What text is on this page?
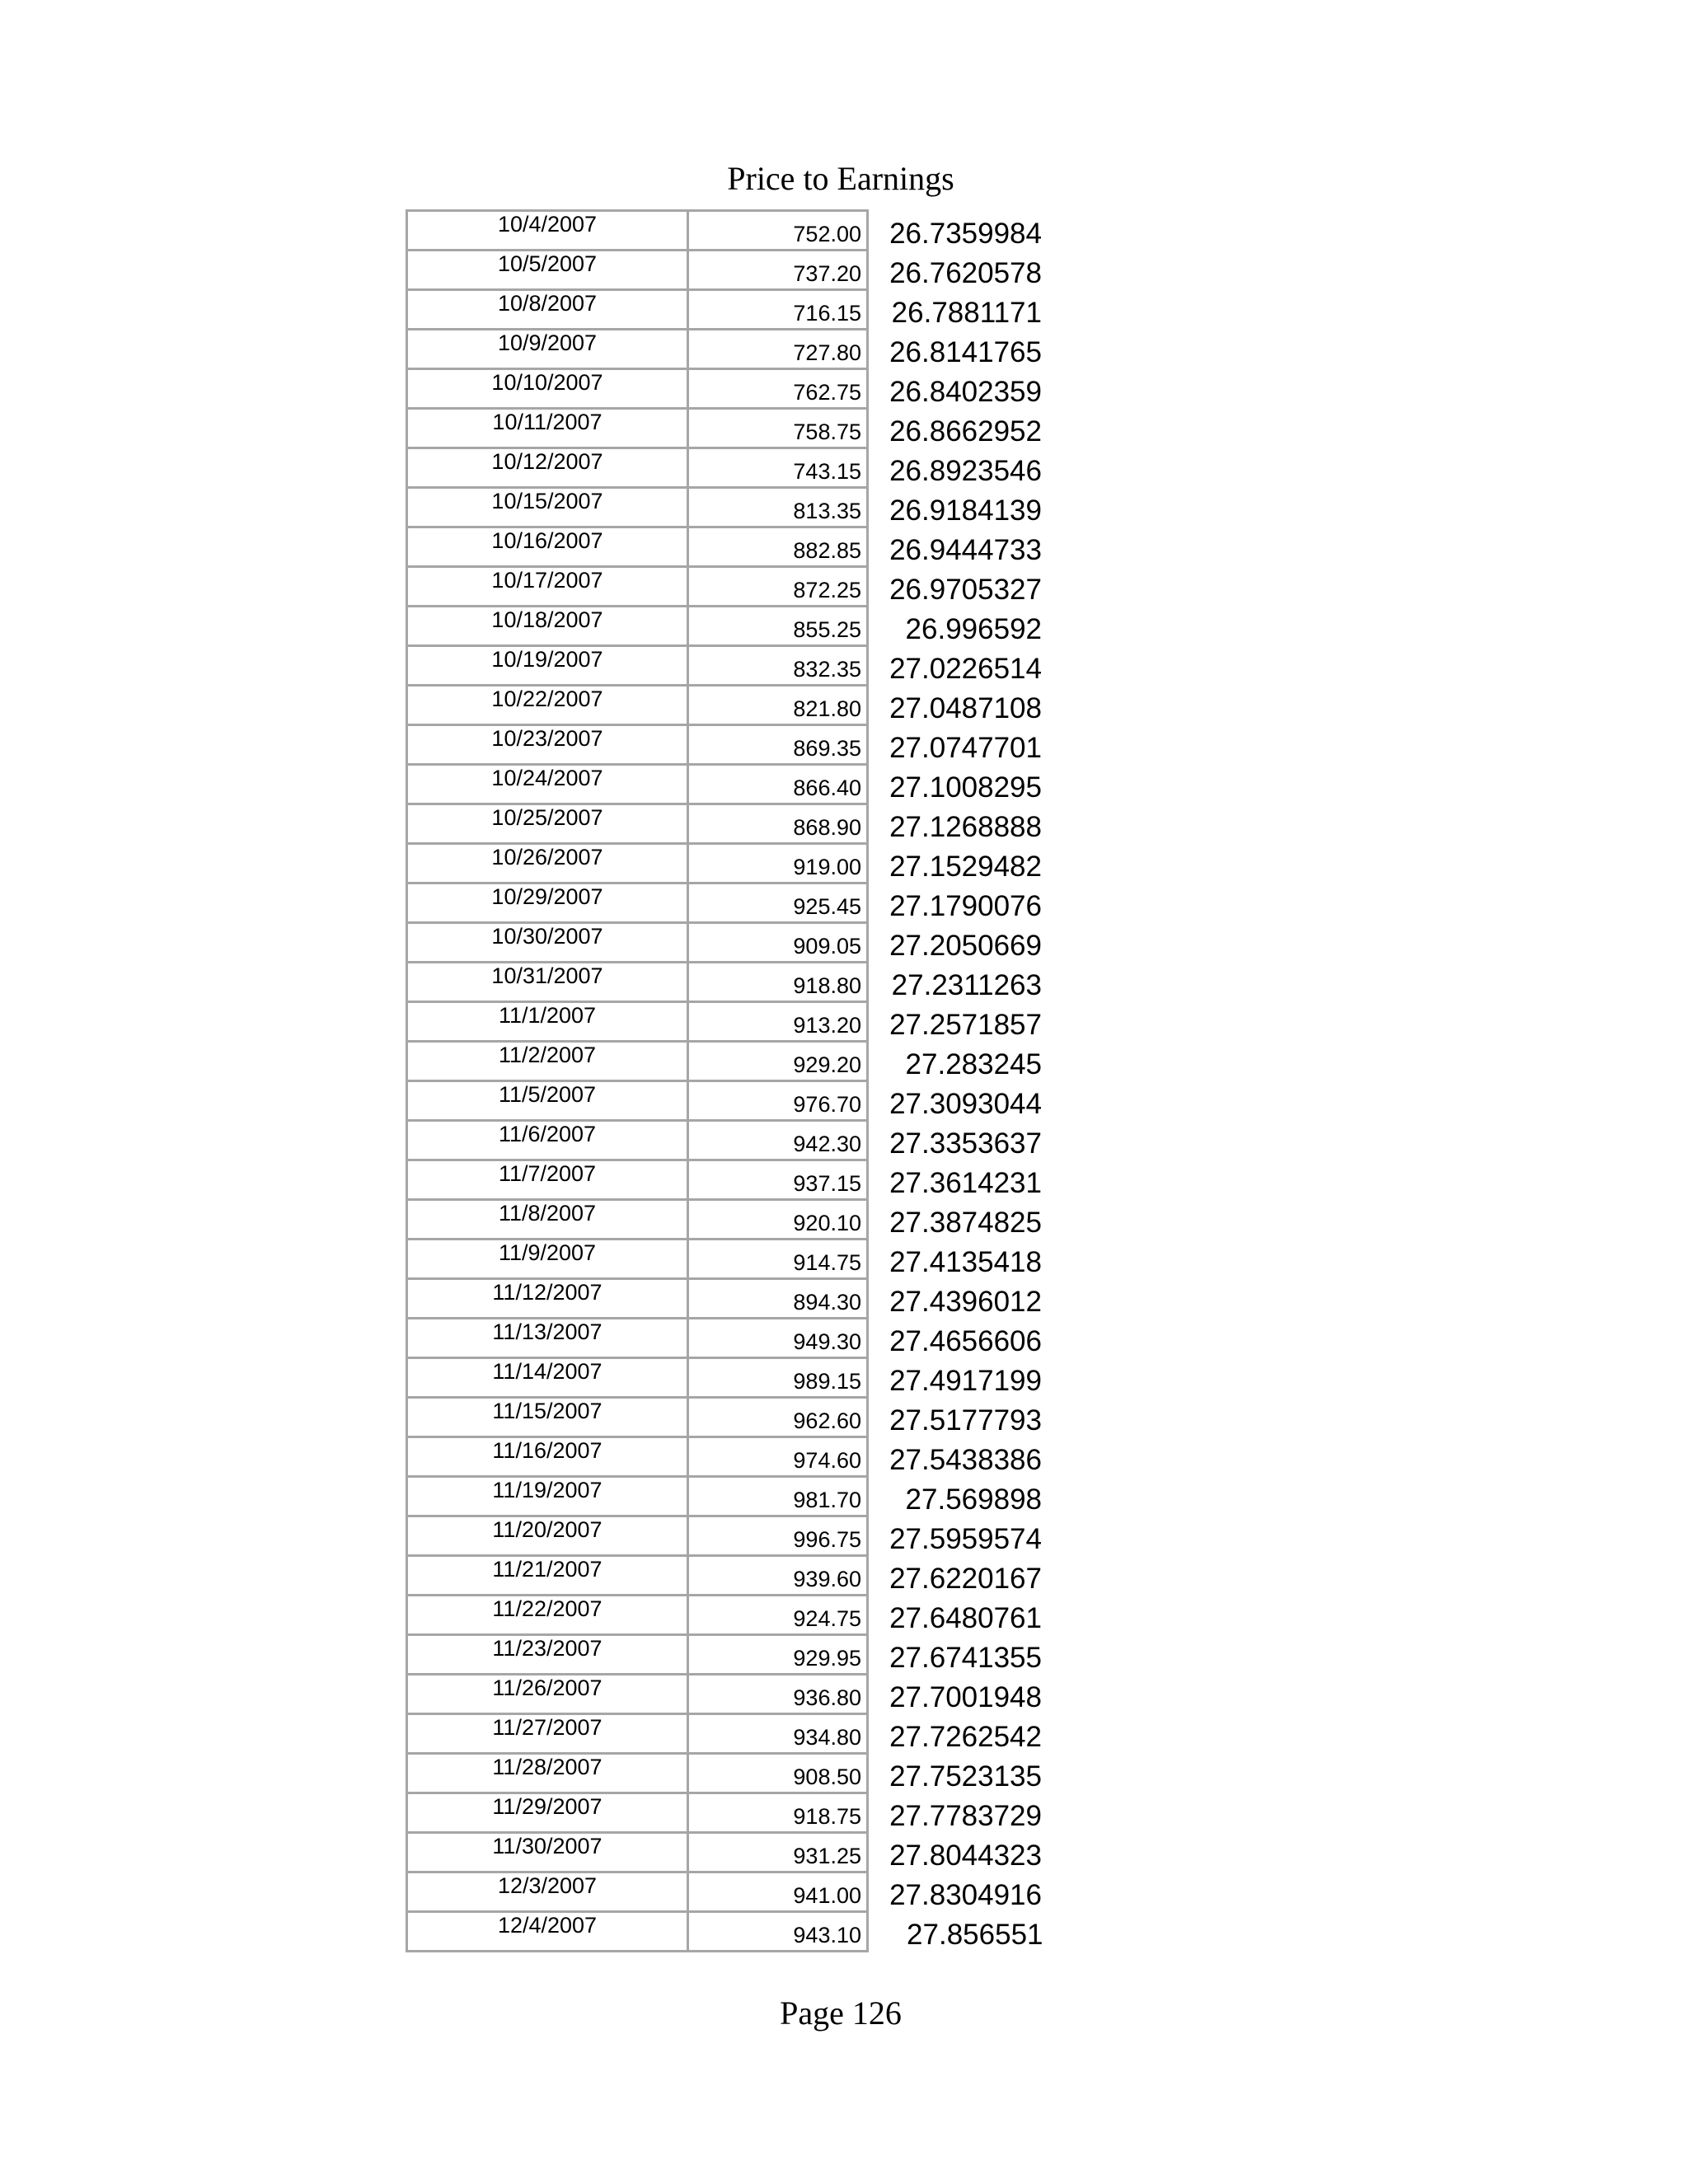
Price to Earnings
10/4/2007	752.00	26.7359984
10/5/2007	737.20	26.7620578
10/8/2007	716.15	26.7881171
10/9/2007	727.80	26.8141765
10/10/2007	762.75	26.8402359
10/11/2007	758.75	26.8662952
10/12/2007	743.15	26.8923546
10/15/2007	813.35	26.9184139
10/16/2007	882.85	26.9444733
10/17/2007	872.25	26.9705327
10/18/2007	855.25	26.996592
10/19/2007	832.35	27.0226514
10/22/2007	821.80	27.0487108
10/23/2007	869.35	27.0747701
10/24/2007	866.40	27.1008295
10/25/2007	868.90	27.1268888
10/26/2007	919.00	27.1529482
10/29/2007	925.45	27.1790076
10/30/2007	909.05	27.2050669
10/31/2007	918.80	27.2311263
11/1/2007	913.20	27.2571857
11/2/2007	929.20	27.283245
11/5/2007	976.70	27.3093044
11/6/2007	942.30	27.3353637
11/7/2007	937.15	27.3614231
11/8/2007	920.10	27.3874825
11/9/2007	914.75	27.4135418
11/12/2007	894.30	27.4396012
11/13/2007	949.30	27.4656606
11/14/2007	989.15	27.4917199
11/15/2007	962.60	27.5177793
11/16/2007	974.60	27.5438386
11/19/2007	981.70	27.569898
11/20/2007	996.75	27.5959574
11/21/2007	939.60	27.6220167
11/22/2007	924.75	27.6480761
11/23/2007	929.95	27.6741355
11/26/2007	936.80	27.7001948
11/27/2007	934.80	27.7262542
11/28/2007	908.50	27.7523135
11/29/2007	918.75	27.7783729
11/30/2007	931.25	27.8044323
12/3/2007	941.00	27.8304916
12/4/2007	943.10	27.856551
Page 126
